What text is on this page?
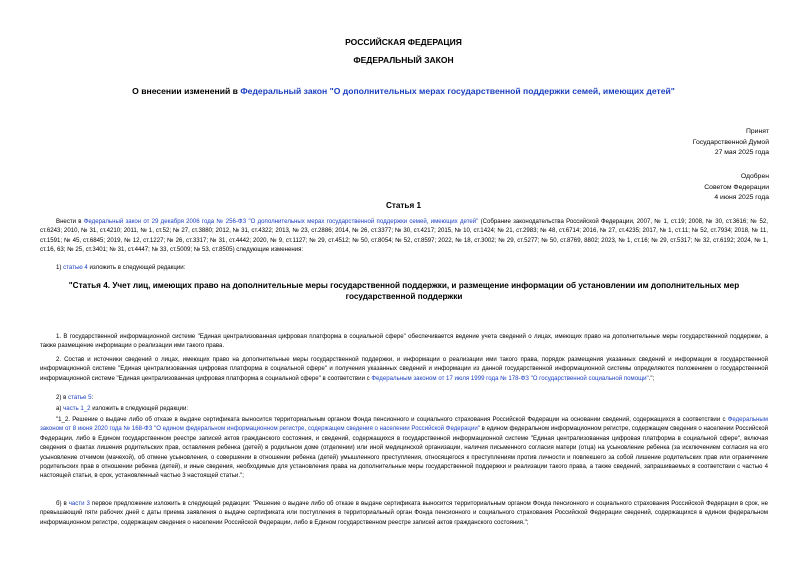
РОССИЙСКАЯ ФЕДЕРАЦИЯ
ФЕДЕРАЛЬНЫЙ ЗАКОН
О внесении изменений в Федеральный закон "О дополнительных мерах государственной поддержки семей, имеющих детей"
Принят
Государственной Думой
27 мая 2025 года
Одобрен
Советом Федерации
4 июня 2025 года
Статья 1

Внести в Федеральный закон от 29 декабря 2006 года № 256-ФЗ "О дополнительных мерах государственной поддержки семей, имеющих детей" (Собрание законодательства Российской Федерации, 2007, № 1, ст.19; 2008, № 30, ст.3616; № 52, ст.6243; 2010, № 31, ст.4210; 2011, № 1, ст.52; № 27, ст.3880; 2012, № 31, ст.4322; 2013, № 23, ст.2886; 2014, № 26, ст.3377; № 30, ст.4217; 2015, № 10, ст.1424; № 21, ст.2983; № 48, ст.6714; 2016, № 27, ст.4235; 2017, № 1, ст.11; № 52, ст.7934; 2018, № 11, ст.1591; № 45, ст.6845; 2019, № 12, ст.1227; № 26, ст.3317; № 31, ст.4442; 2020, № 9, ст.1127; № 29, ст.4512; № 50, ст.8054; № 52, ст.8597; 2022, № 18, ст.3002; № 29, ст.5277; № 50, ст.8769, 8802; 2023, № 1, ст.16; № 29, ст.5317; № 32, ст.6192; 2024, № 1, ст.16, 63; № 25, ст.3401; № 31, ст.4447; № 33, ст.5009; № 53, ст.8505) следующие изменения:

1) статью 4 изложить в следующей редакции:

"Статья 4. Учет лиц, имеющих право на дополнительные меры государственной поддержки, и размещение информации об установлении им дополнительных мер государственной поддержки

1. В государственной информационной системе "Единая централизованная цифровая платформа в социальной сфере" обеспечивается ведение учета сведений о лицах, имеющих право на дополнительные меры государственной поддержки, а также размещение информации о реализации ими такого права.

2. Состав и источники сведений о лицах, имеющих право на дополнительные меры государственной поддержки, и информации о реализации ими такого права, порядок размещения указанных сведений и информации в государственной информационной системе "Единая централизованная цифровая платформа в социальной сфере" и получения указанных сведений и информации из данной государственной информационной системы определяются положением о государственной информационной системе "Единая централизованная цифровая платформа в социальной сфере" в соответствии с Федеральным законом от 17 июля 1999 года № 178-ФЗ "О государственной социальной помощи".";

2) в статье 5:

а) часть 1_2 изложить в следующей редакции:

"1_2. Решение о выдаче либо об отказе в выдаче сертификата выносится территориальным органом Фонда пенсионного и социального страхования Российской Федерации на основании сведений, содержащихся в соответствии с Федеральным законом от 8 июня 2020 года № 168-ФЗ "О едином федеральном информационном регистре, содержащем сведения о населении Российской Федерации" в едином федеральном информационном регистре, содержащем сведения о населении Российской Федерации, либо в Едином государственном реестре записей актов гражданского состояния, и сведений, содержащихся в государственной информационной системе "Единая централизованная цифровая платформа в социальной сфере", включая сведения о фактах лишения родительских прав, оставления ребенка (детей) в родильном доме (отделении) или иной медицинской организации, наличия письменного согласия матери (отца) на усыновление ребенка (за исключением согласия на его усыновление отчимом (мачехой), об отмене усыновления, о совершении в отношении ребенка (детей) умышленного преступления, относящегося к преступлениям против личности и повлекшего за собой лишение родительских прав или ограничение родительских прав в отношении ребенка (детей), и иные сведения, необходимые для установления права на дополнительные меры государственной поддержки и реализации такого права, а также сведений, запрашиваемых в соответствии с частью 4 настоящей статьи, в срок, установленный частью 3 настоящей статьи.";

б) в части 3 первое предложение изложить в следующей редакции: "Решение о выдаче либо об отказе в выдаче сертификата выносится территориальным органом Фонда пенсионного и социального страхования Российской Федерации в срок, не превышающий пяти рабочих дней с даты приема заявления о выдаче сертификата или поступления в территориальный орган Фонда пенсионного и социального страхования Российской Федерации сведений, содержащихся в едином федеральном информационном регистре, содержащем сведения о населении Российской Федерации, либо в Едином государственном реестре записей актов гражданского состояния.";
